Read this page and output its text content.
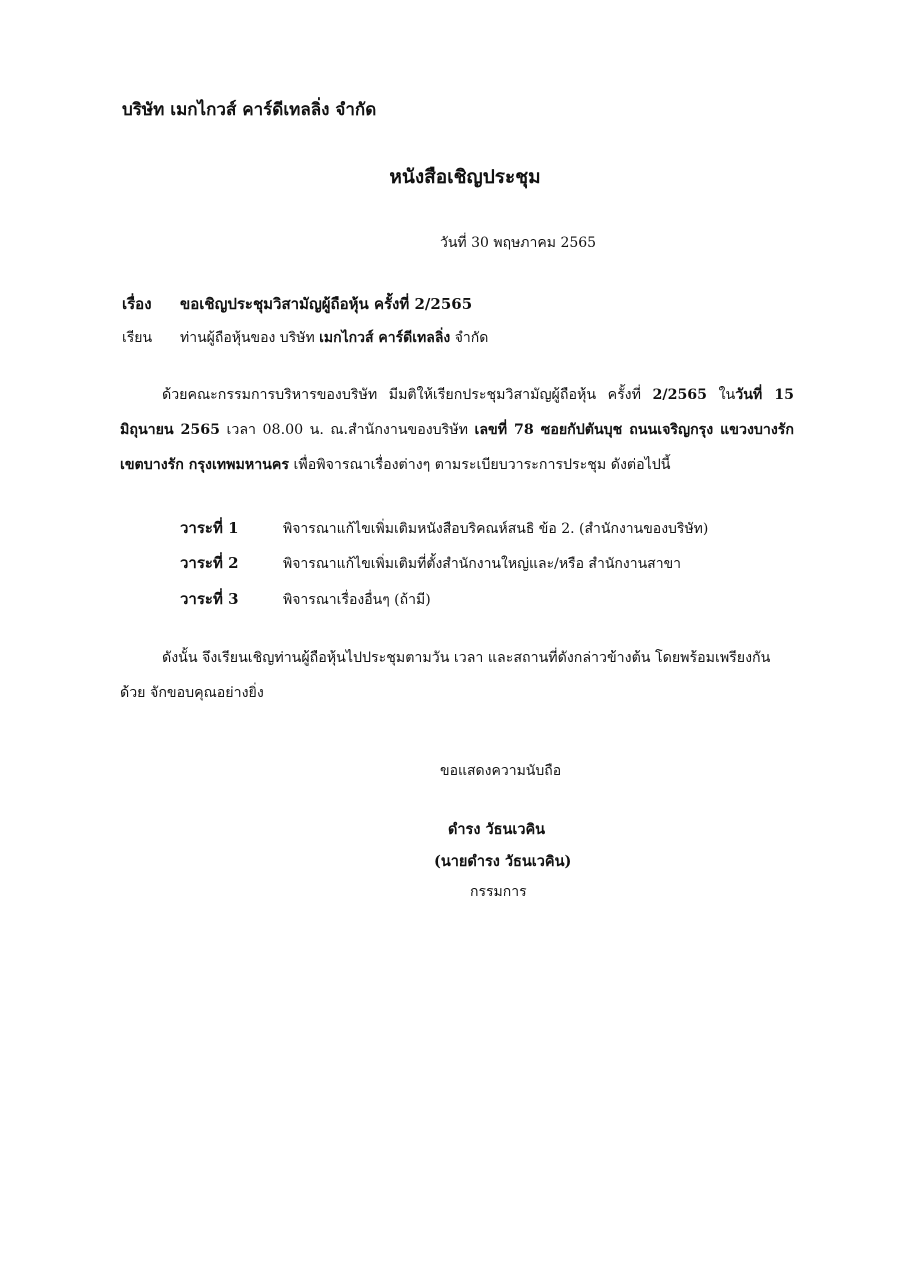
บริษัท เมกไกวส์ คาร์ดีเทลลิ่ง จำกัด
หนังสือเชิญประชุม
วันที่ 30 พฤษภาคม 2565
เรื่อง ขอเชิญประชุมวิสามัญผู้ถือหุ้น ครั้งที่ 2/2565
เรียน ท่านผู้ถือหุ้นของ บริษัท เมกไกวส์ คาร์ดีเทลลิ่ง จำกัด
ด้วยคณะกรรมการบริหารของบริษัท มีมติให้เรียกประชุมวิสามัญผู้ถือหุ้น ครั้งที่ 2/2565 ในวันที่ 15 มิถุนายน 2565 เวลา 08.00 น. ณ.สำนักงานของบริษัท เลขที่ 78 ซอยกัปตันบุช ถนนเจริญกรุง แขวงบางรัก เขตบางรัก กรุงเทพมหานคร เพื่อพิจารณาเรื่องต่างๆ ตามระเบียบวาระการประชุม ดังต่อไปนี้
วาระที่ 1	พิจารณาแก้ไขเพิ่มเติมหนังสือบริคณห์สนธิ ข้อ 2. (สำนักงานของบริษัท)
วาระที่ 2	พิจารณาแก้ไขเพิ่มเติมที่ตั้งสำนักงานใหญ่และ/หรือ สำนักงานสาขา
วาระที่ 3	พิจารณาเรื่องอื่นๆ (ถ้ามี)
ดังนั้น จึงเรียนเชิญท่านผู้ถือหุ้นไปประชุมตามวัน เวลา และสถานที่ดังกล่าวข้างต้น โดยพร้อมเพรียงกันด้วย จักขอบคุณอย่างยิ่ง
ขอแสดงความนับถือ
ดำรง วัธนเวคิน
(นายดำรง วัธนเวคิน)
กรรมการ
